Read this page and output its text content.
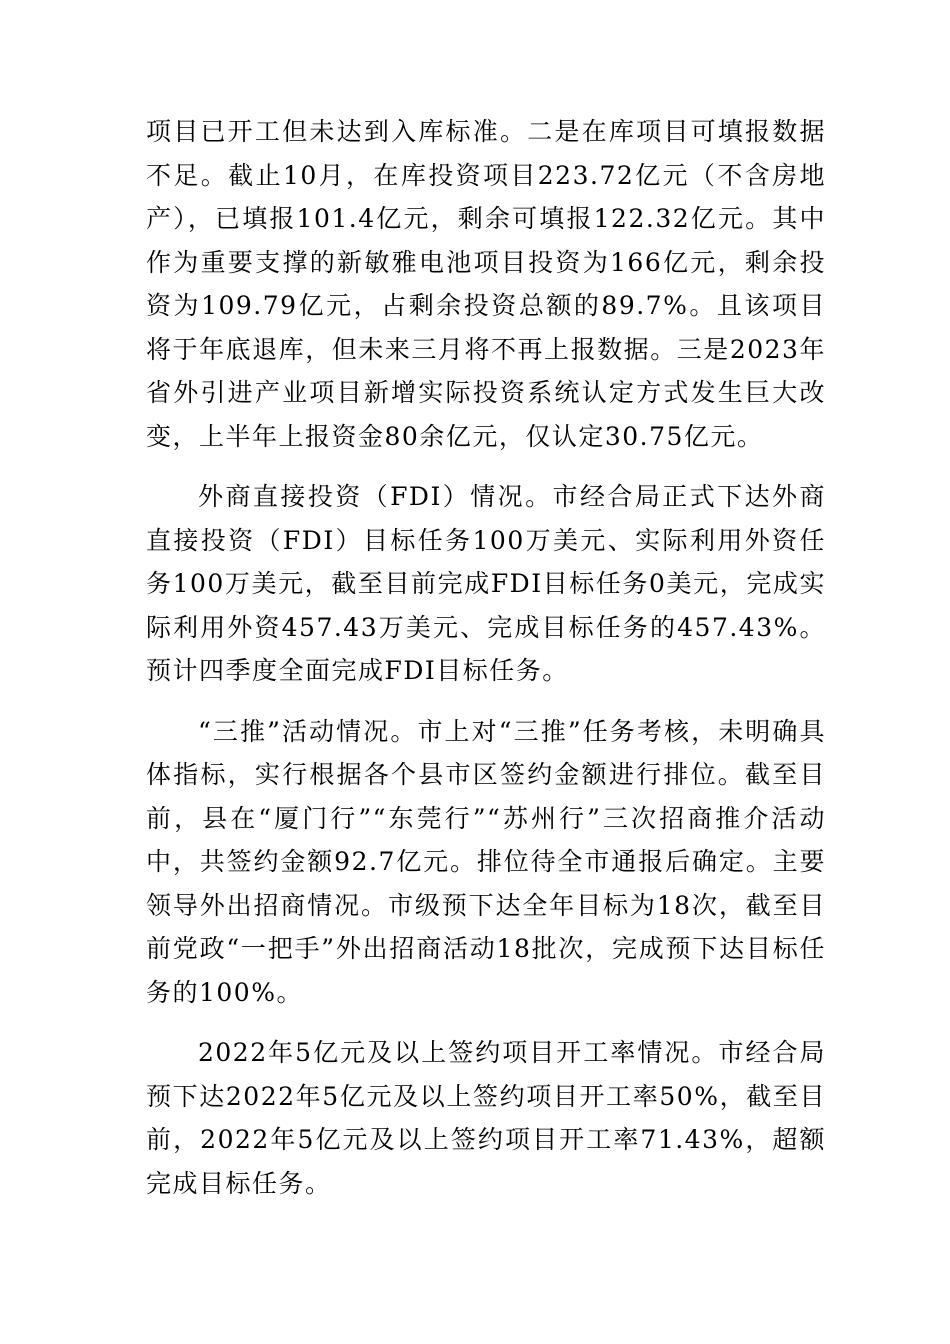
项目已开工但未达到入库标准。二是在库项目可填报数据不足。截止10月，在库投资项目223.72亿元（不含房地产），已填报101.4亿元，剩余可填报122.32亿元。其中作为重要支撑的新敏雅电池项目投资为166亿元，剩余投资为109.79亿元，占剩余投资总额的89.7%。且该项目将于年底退库，但未来三月将不再上报数据。三是2023年省外引进产业项目新增实际投资系统认定方式发生巨大改变，上半年上报资金80余亿元，仅认定30.75亿元。

外商直接投资（FDI）情况。市经合局正式下达外商直接投资（FDI）目标任务100万美元、实际利用外资任务100万美元，截至目前完成FDI目标任务0美元，完成实际利用外资457.43万美元、完成目标任务的457.43%。预计四季度全面完成FDI目标任务。

“三推”活动情况。市上对“三推”任务考核，未明确具体指标，实行根据各个县市区签约金额进行排位。截至目前，县在“厦门行”“东莞行”“苏州行”三次招商推介活动中，共签约金额92.7亿元。排位待全市通报后确定。主要领导外出招商情况。市级预下达全年目标为18次，截至目前党政“一把手”外出招商活动18批次，完成预下达目标任务的100%。

2022年5亿元及以上签约项目开工率情况。市经合局预下达2022年5亿元及以上签约项目开工率50%，截至目前，2022年5亿元及以上签约项目开工率71.43%，超额完成目标任务。
